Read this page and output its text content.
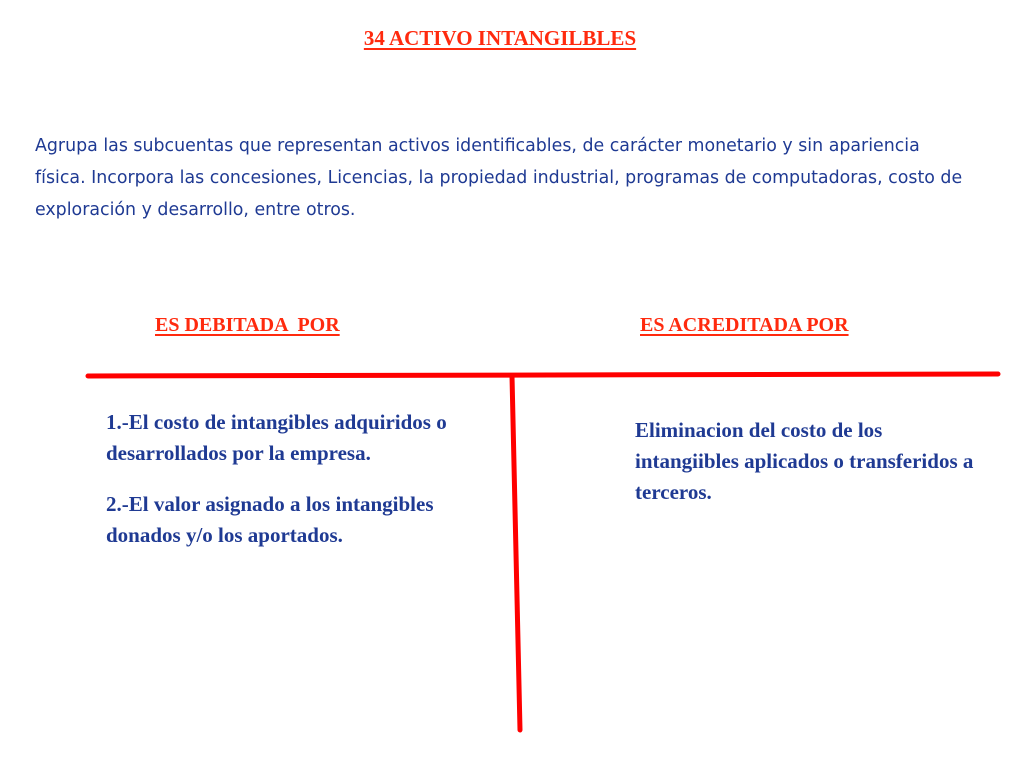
34 ACTIVO INTANGILBLES

Agrupa las subcuentas que representan activos identificables, de carácter monetario y sin apariencia física. Incorpora las concesiones, Licencias, la propiedad industrial, programas de computadoras, costo de exploración y desarrollo, entre otros.

ES DEBITADA  POR	ES ACREDITADA POR

1.-El costo de intangibles adquiridos o desarrollados por la empresa.

2.-El valor asignado a los intangibles donados y/o los aportados.

Eliminacion del costo de los intangiibles aplicados o transferidos a terceros.
